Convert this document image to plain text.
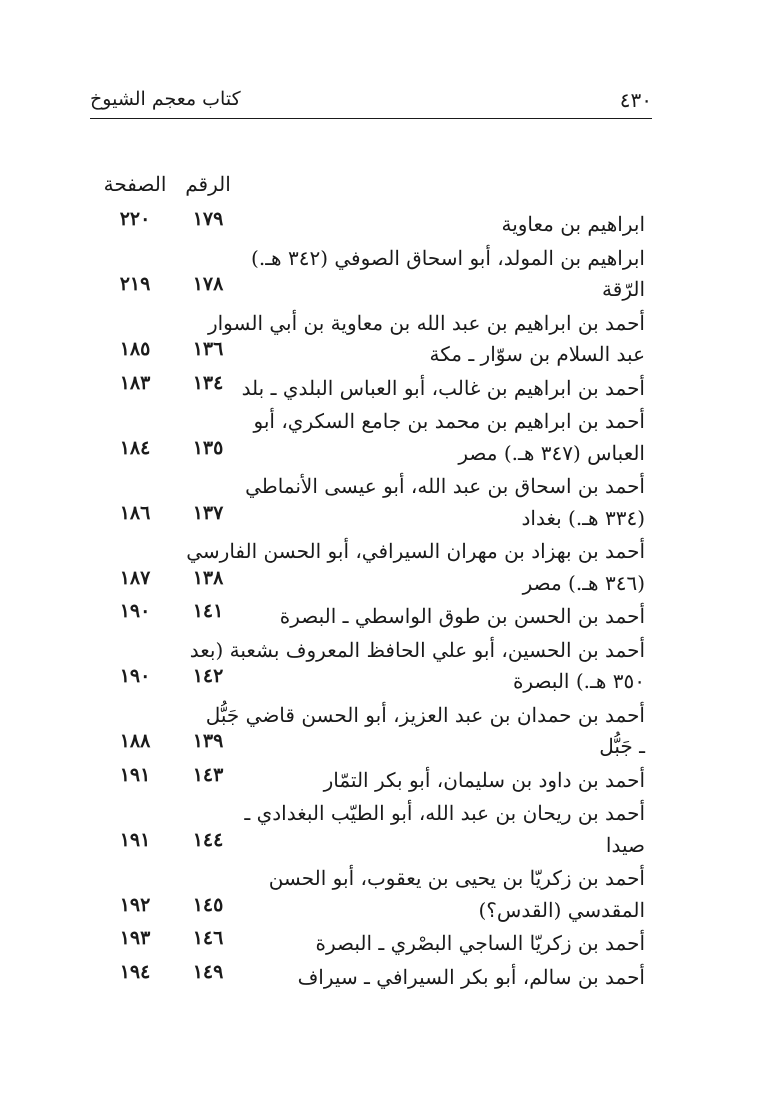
كتاب معجم الشيوخ	٤٣٠
الرقم
الصفحة
ابراهيم بن معاوية
١٧٩
٢٢٠
ابراهيم بن المولد، أبو اسحاق الصوفي (٣٤٢ هـ.)
الرّقة
١٧٨
٢١٩
أحمد بن ابراهيم بن عبد الله بن معاوية بن أبي السوار
عبد السلام بن سوّار ـ مكة
١٣٦
١٨٥
أحمد بن ابراهيم بن غالب، أبو العباس البلدي ـ بلد
١٣٤
١٨٣
أحمد بن ابراهيم بن محمد بن جامع السكري، أبو
العباس (٣٤٧ هـ.) مصر
١٣٥
١٨٤
أحمد بن اسحاق بن عبد الله، أبو عيسى الأنماطي
(٣٣٤ هـ.) بغداد
١٣٧
١٨٦
أحمد بن بهزاد بن مهران السيرافي، أبو الحسن الفارسي
(٣٤٦ هـ.) مصر
١٣٨
١٨٧
أحمد بن الحسن بن طوق الواسطي ـ البصرة
١٤١
١٩٠
أحمد بن الحسين، أبو علي الحافظ المعروف بشعبة (بعد
٣٥٠ هـ.) البصرة
١٤٢
١٩٠
أحمد بن حمدان بن عبد العزيز، أبو الحسن قاضي جَبُّل
ـ جَبُّل
١٣٩
١٨٨
أحمد بن داود بن سليمان، أبو بكر التمّار
١٤٣
١٩١
أحمد بن ريحان بن عبد الله، أبو الطيّب البغدادي ـ
صيدا
١٤٤
١٩١
أحمد بن زكريّا بن يحيى بن يعقوب، أبو الحسن
المقدسي (القدس؟)
١٤٥
١٩٢
أحمد بن زكريّا الساجي البصْري ـ البصرة
١٤٦
١٩٣
أحمد بن سالم، أبو بكر السيرافي ـ سيراف
١٤٩
١٩٤
